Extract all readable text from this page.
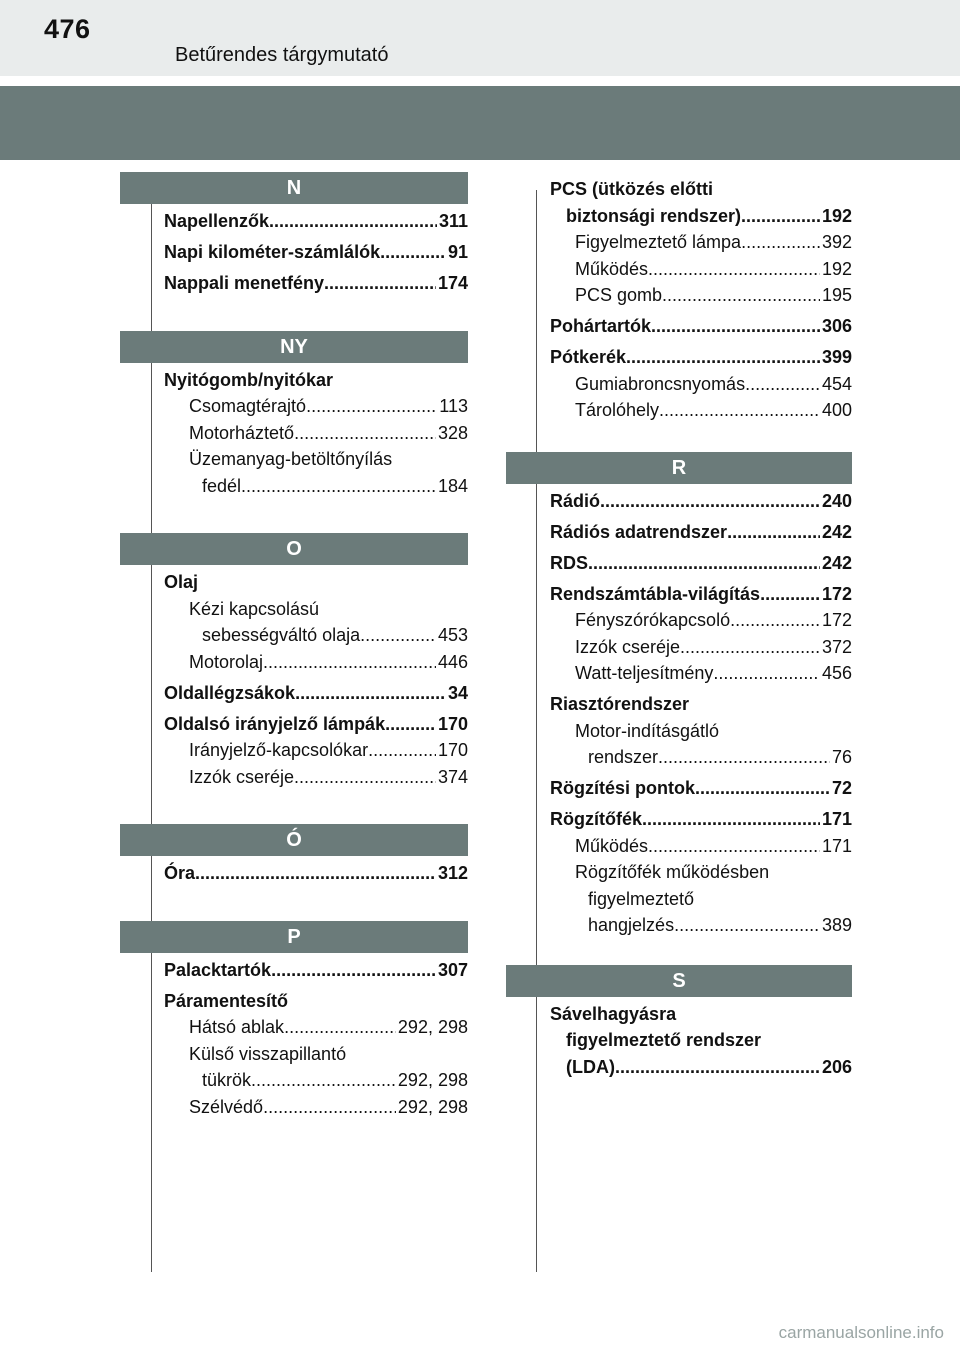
476
Betűrendes tárgymutató
N
Napellenzők .....	311
Napi kilométer-számlálók .....	91
Nappali menetfény .....	174
NY
Nyitógomb/nyitókar
Csomagtérajtó .....	113
Motorháztető .....	328
Üzemanyag-betöltőnyílás
fedél .....	184
O
Olaj
Kézi kapcsolású
sebességváltó olaja .....	453
Motorolaj .....	446
Oldallégzsákok .....	34
Oldalsó irányjelző lámpák .....	170
Irányjelző-kapcsolókar .....	170
Izzók cseréje .....	374
Ó
Óra .....	312
P
Palacktartók .....	307
Páramentesítő
Hátsó ablak .....	292, 298
Külső visszapillantó
tükrök .....	292, 298
Szélvédő .....	292, 298
PCS (ütközés előtti
biztonsági rendszer) .....	192
Figyelmeztető lámpa .....	392
Működés .....	192
PCS gomb .....	195
Pohártartók .....	306
Pótkerék .....	399
Gumiabroncsnyomás .....	454
Tárolóhely .....	400
R
Rádió .....	240
Rádiós adatrendszer .....	242
RDS .....	242
Rendszámtábla-világítás .....	172
Fényszórókapcsoló .....	172
Izzók cseréje .....	372
Watt-teljesítmény .....	456
Riasztórendszer
Motor-indításgátló
rendszer .....	76
Rögzítési pontok .....	72
Rögzítőfék .....	171
Működés .....	171
Rögzítőfék működésben
figyelmeztető
hangjelzés .....	389
S
Sávelhagyásra
figyelmeztető rendszer
(LDA) .....	206
carmanualsonline.info
